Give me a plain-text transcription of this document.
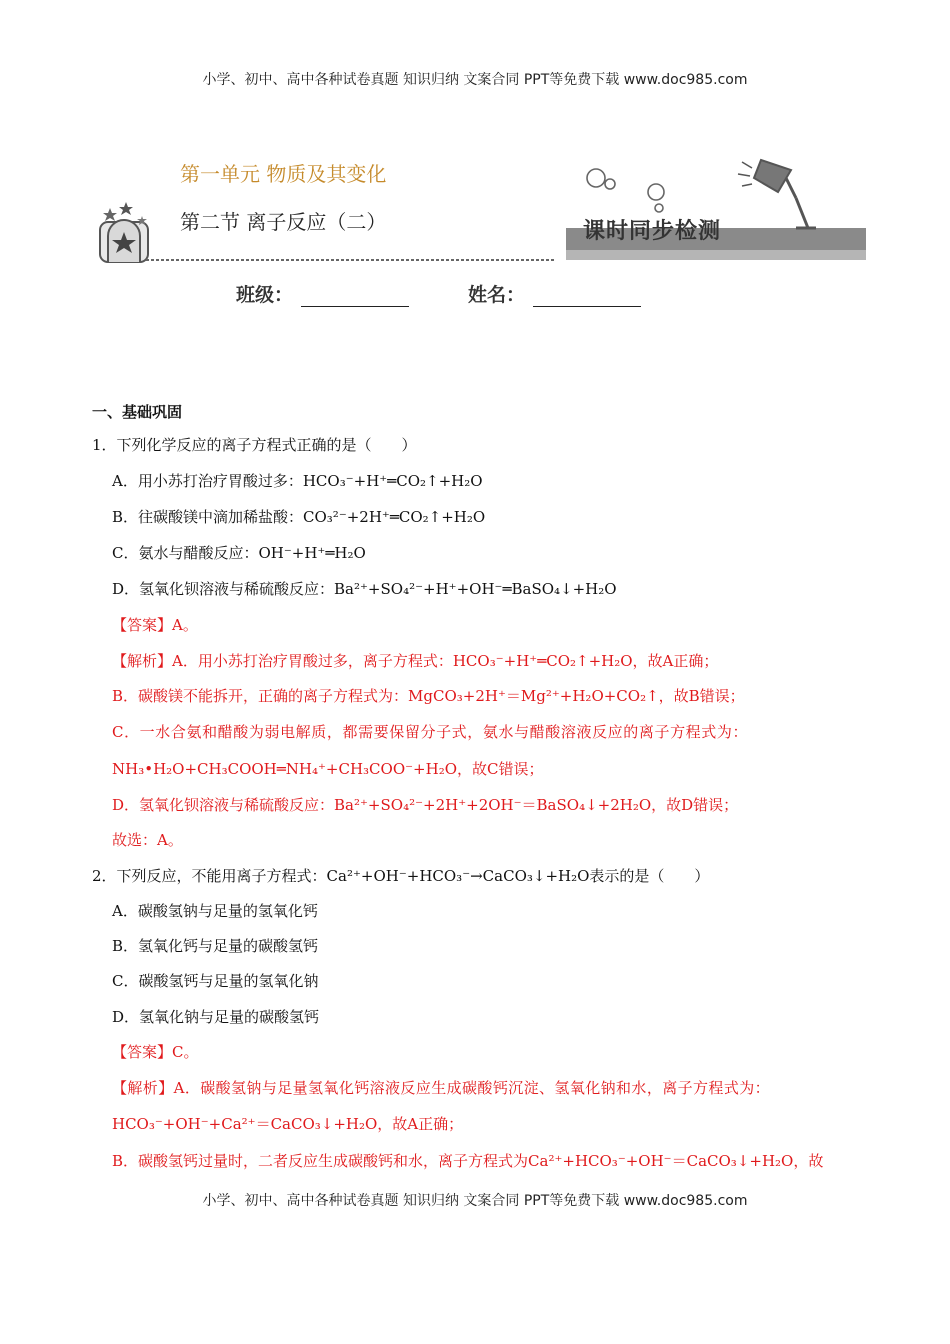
小学、初中、高中各种试卷真题 知识归纳 文案合同 PPT等免费下载 www.doc985.com
第一单元 物质及其变化
第二节 离子反应（二）	课时同步检测
班级：	姓名：
一、基础巩固
1．下列化学反应的离子方程式正确的是（　　）
A．用小苏打治疗胃酸过多：HCO₃⁻+H⁺═CO₂↑+H₂O
B．往碳酸镁中滴加稀盐酸：CO₃²⁻+2H⁺═CO₂↑+H₂O
C．氨水与醋酸反应：OH⁻+H⁺═H₂O
D．氢氧化钡溶液与稀硫酸反应：Ba²⁺+SO₄²⁻+H⁺+OH⁻═BaSO₄↓+H₂O
【答案】A。
【解析】A．用小苏打治疗胃酸过多，离子方程式：HCO₃⁻+H⁺═CO₂↑+H₂O，故A正确；
B．碳酸镁不能拆开，正确的离子方程式为：MgCO₃+2H⁺＝Mg²⁺+H₂O+CO₂↑，故B错误；
C．一水合氨和醋酸为弱电解质，都需要保留分子式，氨水与醋酸溶液反应的离子方程式为：
NH₃•H₂O+CH₃COOH═NH₄⁺+CH₃COO⁻+H₂O，故C错误；
D．氢氧化钡溶液与稀硫酸反应：Ba²⁺+SO₄²⁻+2H⁺+2OH⁻＝BaSO₄↓+2H₂O，故D错误；
故选：A。
2．下列反应，不能用离子方程式：Ca²⁺+OH⁻+HCO₃⁻→CaCO₃↓+H₂O表示的是（　　）
A．碳酸氢钠与足量的氢氧化钙
B．氢氧化钙与足量的碳酸氢钙
C．碳酸氢钙与足量的氢氧化钠
D．氢氧化钠与足量的碳酸氢钙
【答案】C。
【解析】A．碳酸氢钠与足量氢氧化钙溶液反应生成碳酸钙沉淀、氢氧化钠和水，离子方程式为：
HCO₃⁻+OH⁻+Ca²⁺＝CaCO₃↓+H₂O，故A正确；
B．碳酸氢钙过量时，二者反应生成碳酸钙和水，离子方程式为Ca²⁺+HCO₃⁻+OH⁻＝CaCO₃↓+H₂O，故
小学、初中、高中各种试卷真题 知识归纳 文案合同 PPT等免费下载 www.doc985.com
